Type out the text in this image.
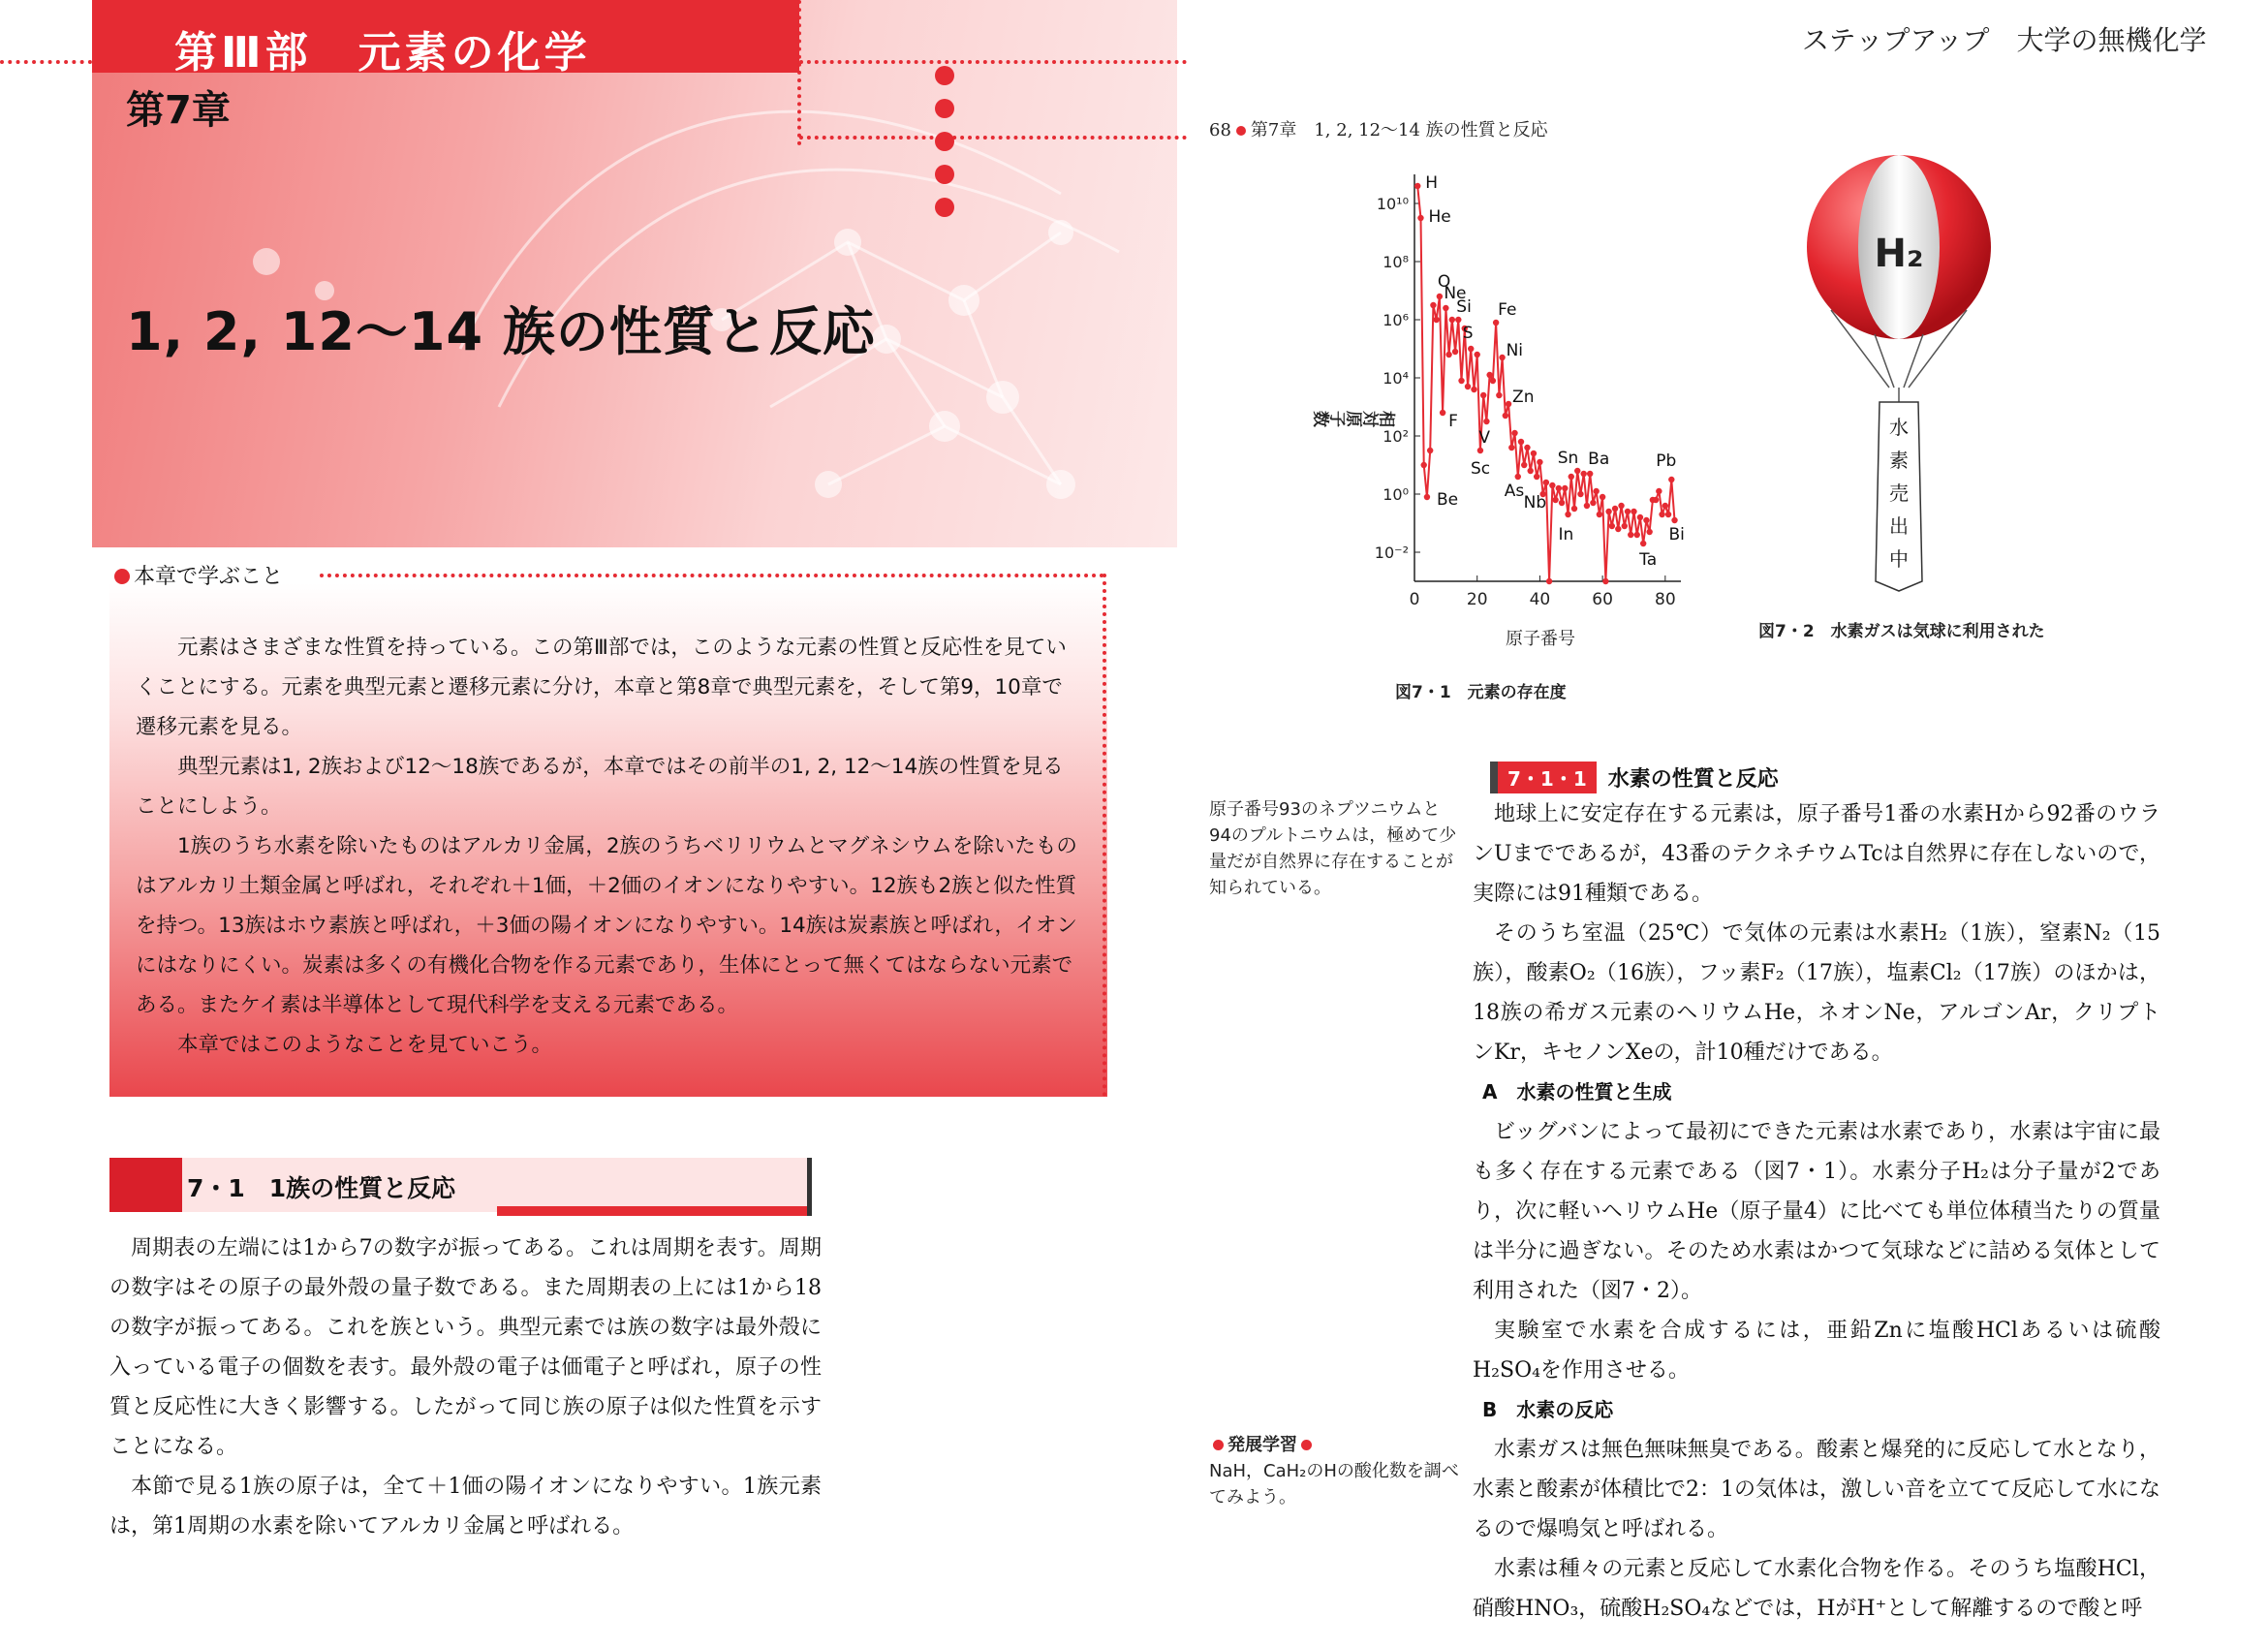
第Ⅲ部　元素の化学
第7章
1, 2, 12～14 族の性質と反応
本章で学ぶこと

元素はさまざまな性質を持っている。この第Ⅲ部では，このような元素の性質と反応性を見ていくことにする。元素を典型元素と遷移元素に分け，本章と第8章で典型元素を，そして第9，10章で遷移元素を見る。

典型元素は1, 2族および12～18族であるが，本章ではその前半の1, 2, 12～14族の性質を見ることにしよう。

1族のうち水素を除いたものはアルカリ金属，2族のうちベリリウムとマグネシウムを除いたものはアルカリ土類金属と呼ばれ，それぞれ＋1価，＋2価のイオンになりやすい。12族も2族と似た性質を持つ。13族はホウ素族と呼ばれ，＋3価の陽イオンになりやすい。14族は炭素族と呼ばれ，イオンにはなりにくい。炭素は多くの有機化合物を作る元素であり，生体にとって無くてはならない元素である。またケイ素は半導体として現代科学を支える元素である。

本章ではこのようなことを見ていこう。

7・1　1族の性質と反応

周期表の左端には1から7の数字が振ってある。これは周期を表す。周期の数字はその原子の最外殻の量子数である。また周期表の上には1から18の数字が振ってある。これを族という。典型元素では族の数字は最外殻に入っている電子の個数を表す。最外殻の電子は価電子と呼ばれ，原子の性質と反応性に大きく影響する。したがって同じ族の原子は似た性質を示すことになる。

本節で見る1族の原子は，全て＋1価の陽イオンになりやすい。1族元素は，第1周期の水素を除いてアルカリ金属と呼ばれる。

ステップアップ　大学の無機化学
68 第7章　1, 2, 12～14 族の性質と反応
0	20	40	60	80
10¹⁰
10⁸
10⁶
10⁴
10²
10⁰
10⁻²
H
He
Be
O
F
Ne
Si
S
Sc
V
Fe
Ni
Zn
As
Nb
Sn
In
Ba
Ta
Pb
Bi
相対原子数
原子番号
図7・1　元素の存在度
H₂
水
素
売
出
中
図7・2　水素ガスは気球に利用された
原子番号93のネプツニウムと94のプルトニウムは，極めて少量だが自然界に存在することが知られている。
発展学習
NaH，CaH₂のHの酸化数を調べてみよう。
7・1・1 水素の性質と反応

地球上に安定存在する元素は，原子番号1番の水素Hから92番のウランUまでであるが，43番のテクネチウムTcは自然界に存在しないので，実際には91種類である。

そのうち室温（25℃）で気体の元素は水素H₂（1族），窒素N₂（15族），酸素O₂（16族），フッ素F₂（17族），塩素Cl₂（17族）のほかは，18族の希ガス元素のヘリウムHe，ネオンNe，アルゴンAr，クリプトンKr，キセノンXeの，計10種だけである。

A　水素の性質と生成

ビッグバンによって最初にできた元素は水素であり，水素は宇宙に最も多く存在する元素である（図7・1）。水素分子H₂は分子量が2であり，次に軽いヘリウムHe（原子量4）に比べても単位体積当たりの質量は半分に過ぎない。そのため水素はかつて気球などに詰める気体として利用された（図7・2）。

実験室で水素を合成するには，亜鉛Znに塩酸HClあるいは硫酸H₂SO₄を作用させる。

B　水素の反応

水素ガスは無色無味無臭である。酸素と爆発的に反応して水となり，水素と酸素が体積比で2：1の気体は，激しい音を立てて反応して水になるので爆鳴気と呼ばれる。

水素は種々の元素と反応して水素化合物を作る。そのうち塩酸HCl，硝酸HNO₃，硫酸H₂SO₄などでは，HがH⁺として解離するので酸と呼
